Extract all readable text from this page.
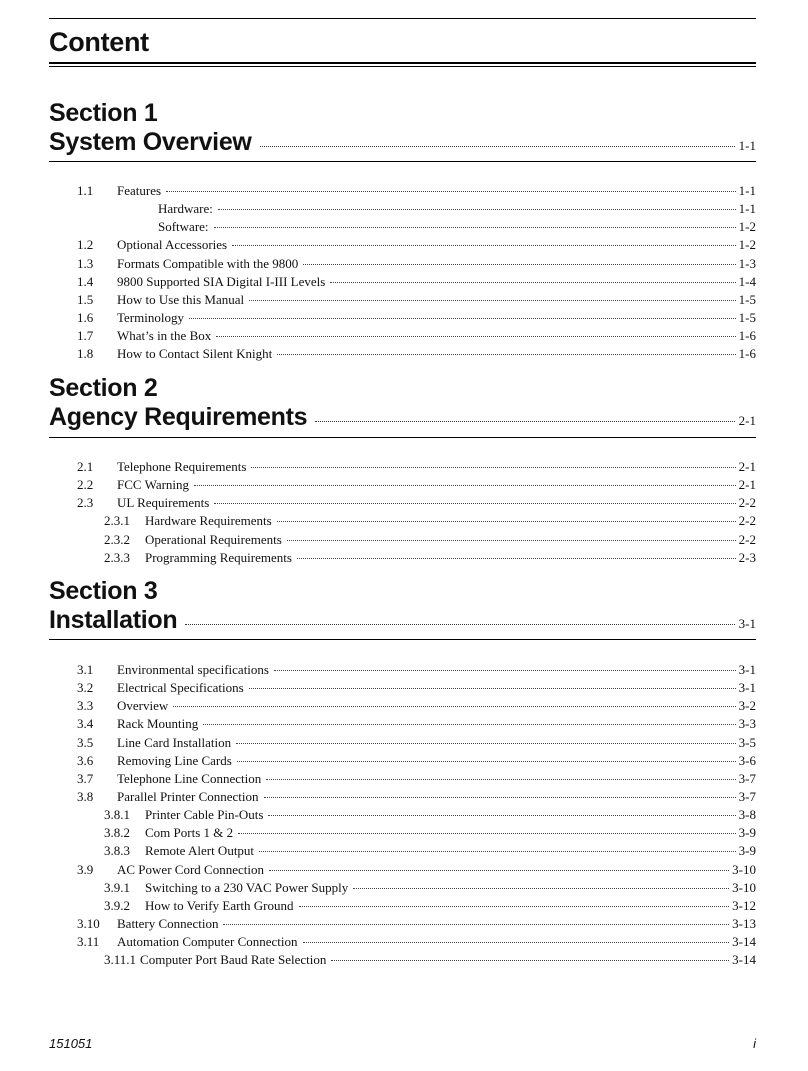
Content
Section 1
System Overview	1-1
1.1 Features	1-1
Hardware:	1-1
Software:	1-2
1.2 Optional Accessories	1-2
1.3 Formats Compatible with the 9800	1-3
1.4 9800 Supported SIA Digital I-III Levels	1-4
1.5 How to Use this Manual	1-5
1.6 Terminology	1-5
1.7 What’s in the Box	1-6
1.8 How to Contact Silent Knight	1-6
Section 2
Agency Requirements	2-1
2.1 Telephone Requirements	2-1
2.2 FCC Warning	2-1
2.3 UL Requirements	2-2
2.3.1 Hardware Requirements	2-2
2.3.2 Operational Requirements	2-2
2.3.3 Programming Requirements	2-3
Section 3
Installation	3-1
3.1 Environmental specifications	3-1
3.2 Electrical Specifications	3-1
3.3 Overview	3-2
3.4 Rack Mounting	3-3
3.5 Line Card Installation	3-5
3.6 Removing Line Cards	3-6
3.7 Telephone Line Connection	3-7
3.8 Parallel Printer Connection	3-7
3.8.1 Printer Cable Pin-Outs	3-8
3.8.2 Com Ports 1 & 2	3-9
3.8.3 Remote Alert Output	3-9
3.9 AC Power Cord Connection	3-10
3.9.1 Switching to a 230 VAC Power Supply	3-10
3.9.2 How to Verify Earth Ground	3-12
3.10 Battery Connection	3-13
3.11 Automation Computer Connection	3-14
3.11.1 Computer Port Baud Rate Selection	3-14
151051	i
